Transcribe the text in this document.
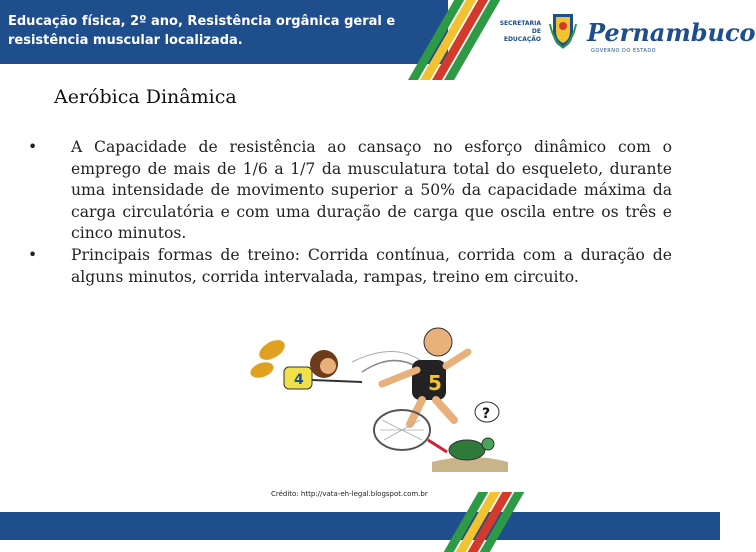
Educação física, 2º ano, Resistência orgânica geral e resistência muscular localizada.
SECRETARIA DE EDUCAÇÃO Pernambuco
GOVERNO DO ESTADO
Aeróbica Dinâmica
• A Capacidade de resistência ao cansaço no esforço dinâmico com o emprego de mais de 1/6 a 1/7 da musculatura total do esqueleto, durante uma intensidade de movimento superior a 50% da capacidade máxima da carga circulatória e com uma duração de carga que oscila entre os três e cinco minutos.
• Principais formas de treino: Corrida contínua, corrida com a duração de alguns minutos, corrida intervalada, rampas, treino em circuito.
4	5
?
Crédito: http://vata-eh-legal.blogspot.com.br
